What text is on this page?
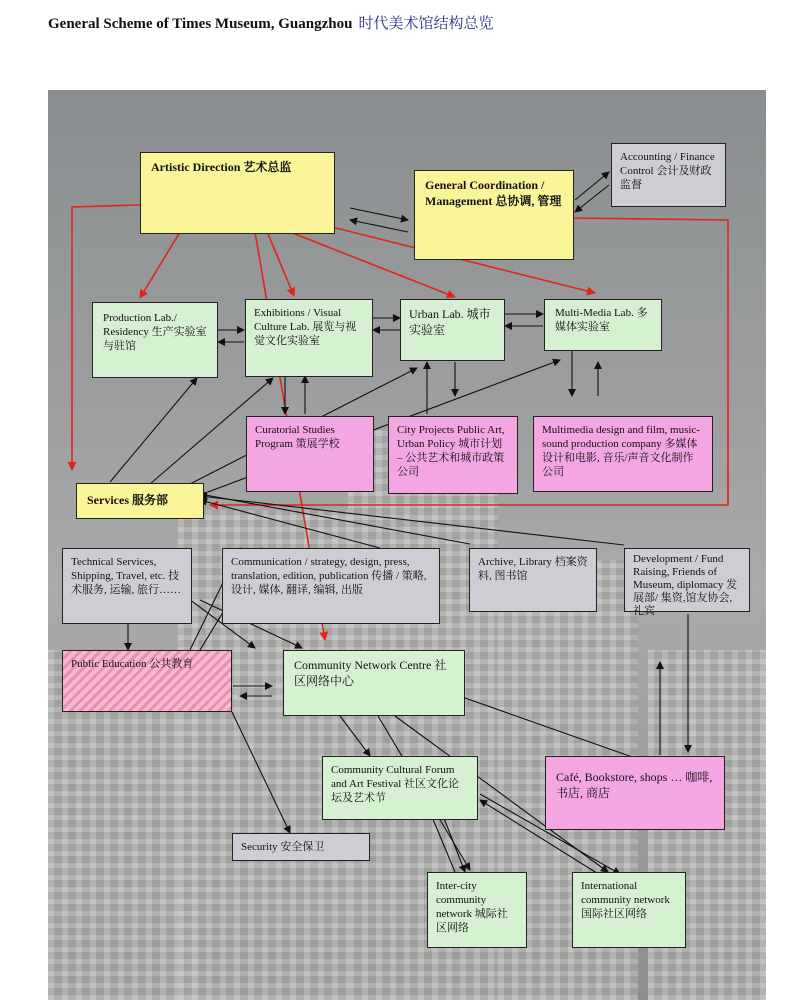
General Scheme of Times Museum, Guangzhou 时代美术馆结构总览
Artistic Direction 艺术总监
General Coordination / Management 总协调, 管理
Accounting / Finance Control 会计及财政监督
Production Lab./ Residency 生产实验室与驻馆
Exhibitions / Visual Culture Lab. 展览与视觉文化实验室
Urban Lab. 城市实验室
Multi-Media Lab. 多媒体实验室
Curatorial Studies Program 策展学校
City Projects Public Art, Urban Policy 城市计划 – 公共艺术和城市政策公司
Multimedia design and film, music-sound production company 多媒体设计和电影, 音乐/声音文化制作公司
Services 服务部
Technical Services, Shipping, Travel, etc. 技术服务, 运输, 旅行……
Communication / strategy, design, press, translation, edition, publication 传播 / 策略, 设计, 媒体, 翻译, 编辑, 出版
Archive, Library 档案资料, 图书馆
Development / Fund Raising, Friends of Museum, diplomacy 发展部/ 集资,馆友协会, 礼宾
Public Education 公共教育	Community Network Centre 社区网络中心
Community Cultural Forum and Art Festival 社区文化论坛及艺术节
Café, Bookstore, shops … 咖啡, 书店, 商店
Security 安全保卫
Inter-city community network 城际社区网络
International community network 国际社区网络
